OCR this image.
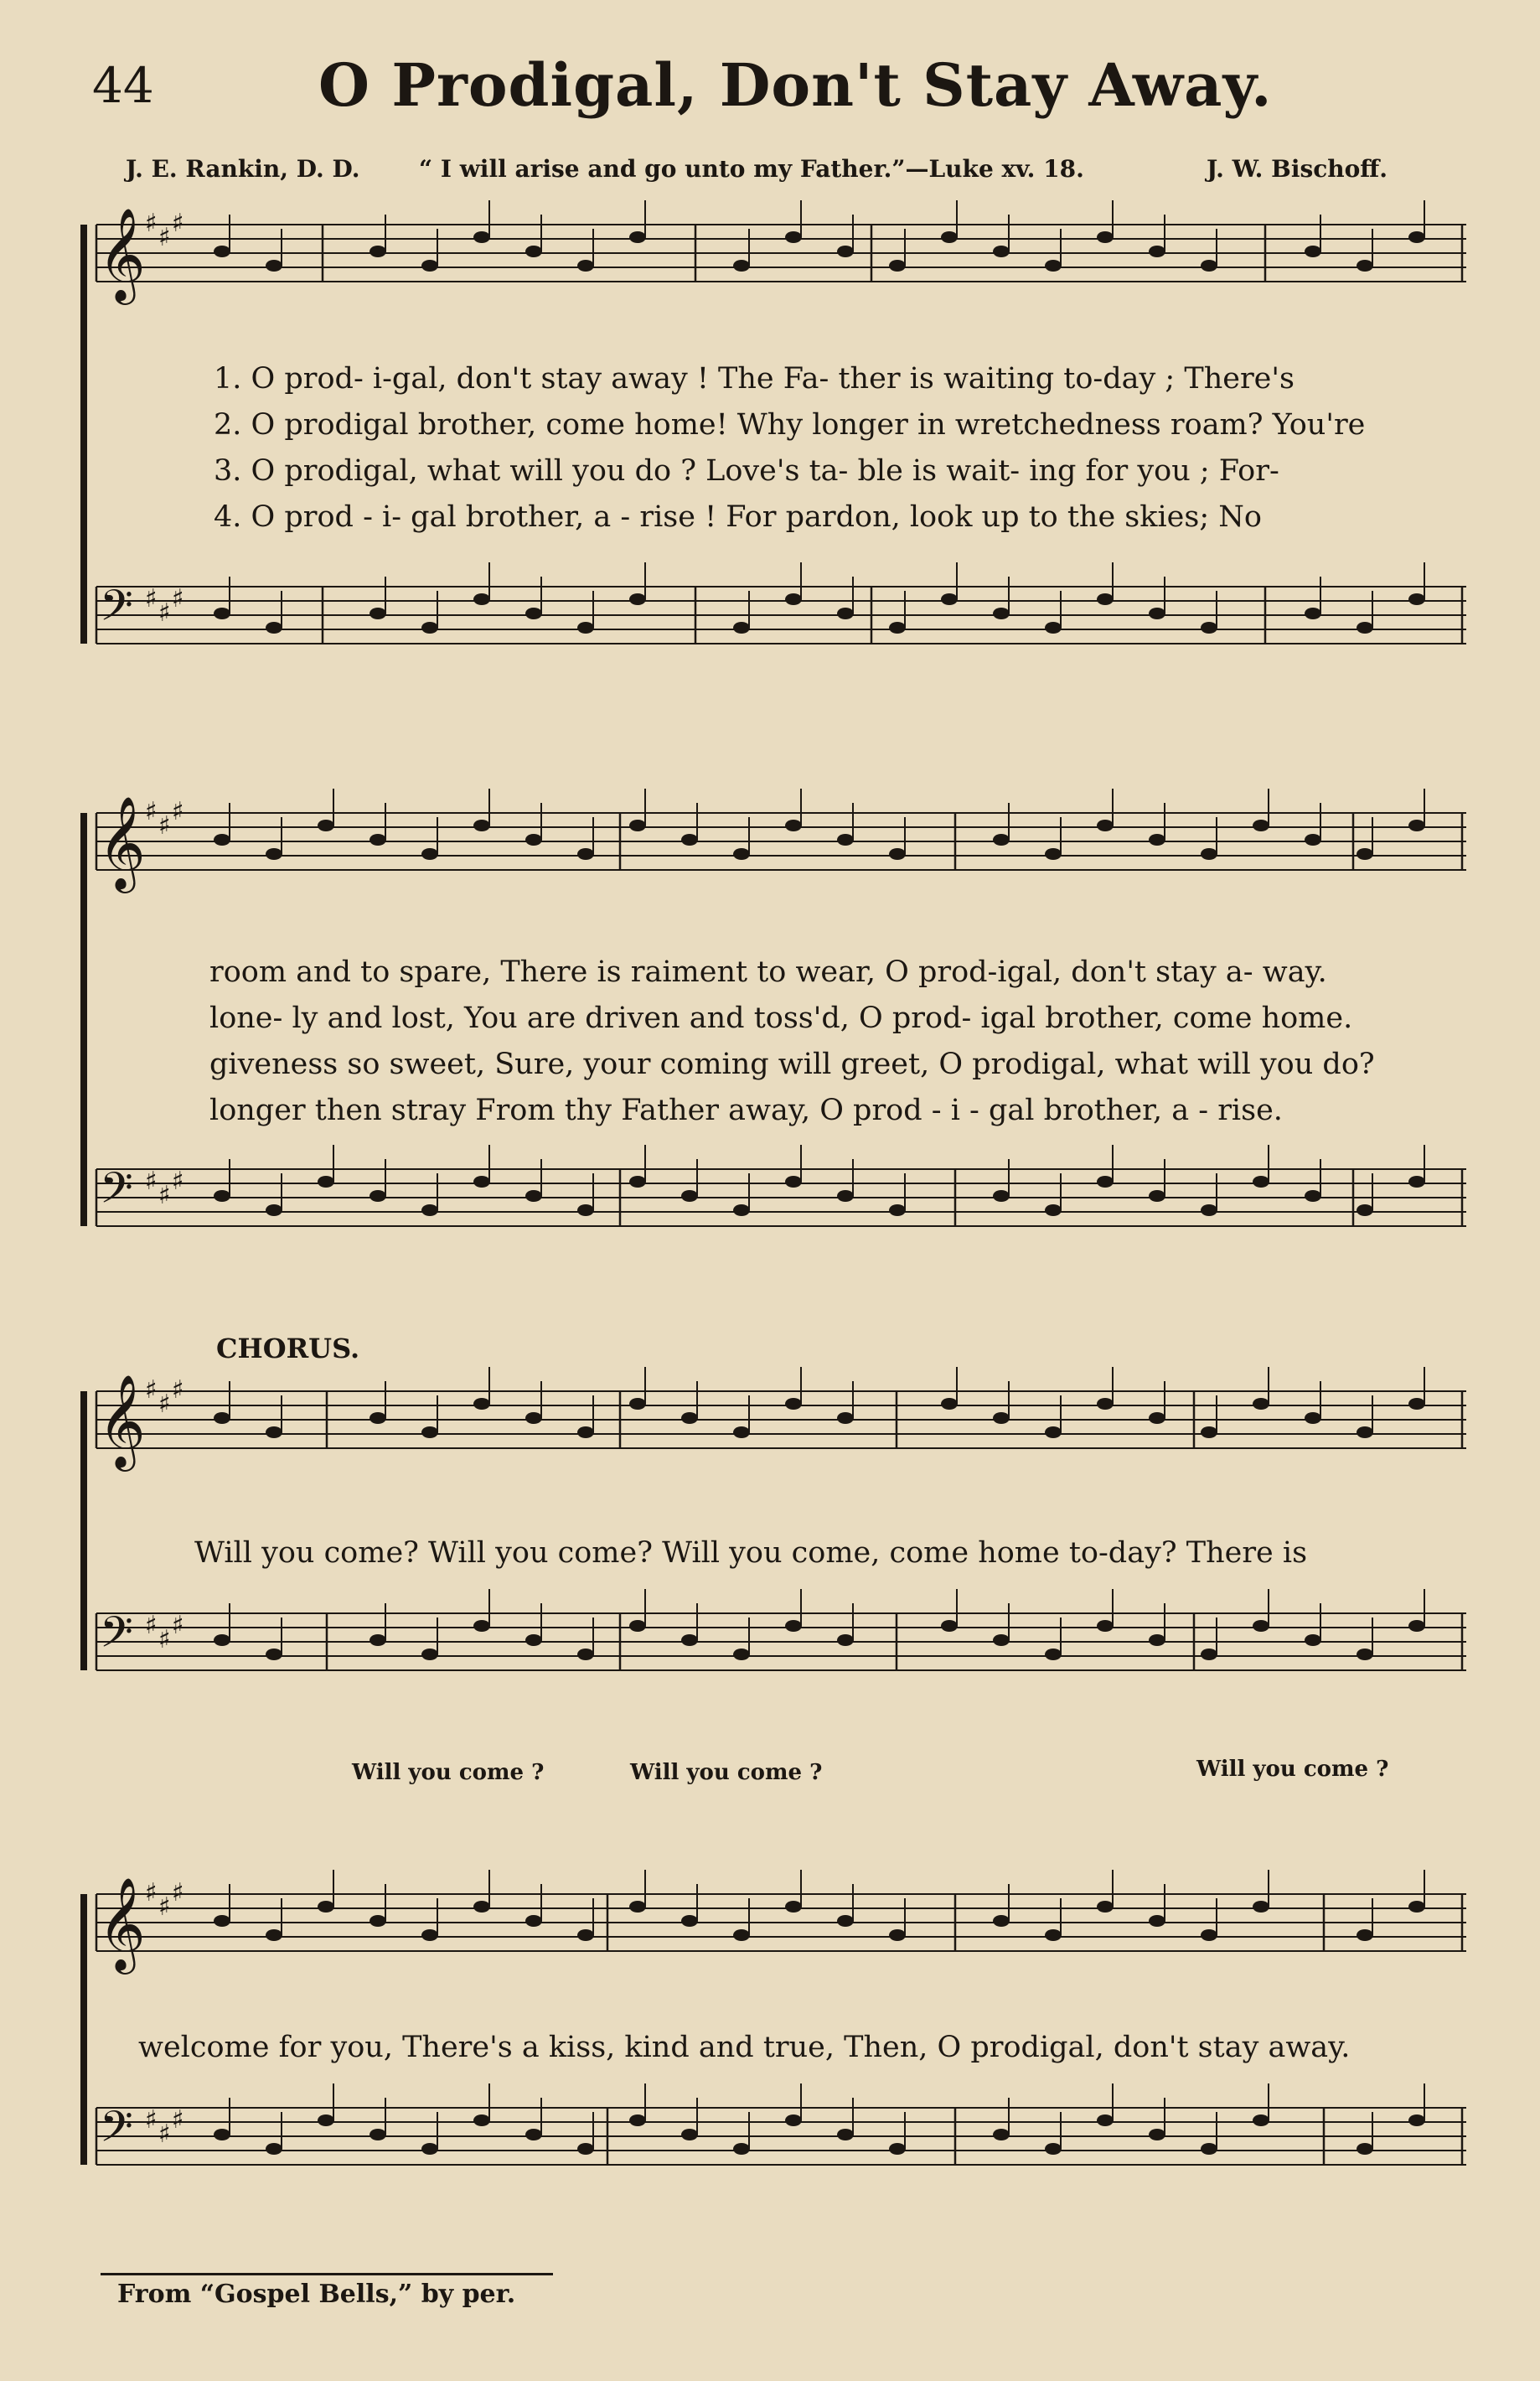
44	O Prodigal, Don't Stay Away.
J. E. Rankin, D. D.	“ I will arise and go unto my Father.”—Luke xv. 18.	J. W. Bischoff.
𝄞 ♯ ♯ ♯
𝄢 ♯ ♯ ♯
𝄞 ♯ ♯ ♯
𝄢 ♯ ♯ ♯
𝄞 ♯ ♯ ♯
𝄢 ♯ ♯ ♯
𝄞 ♯ ♯ ♯
𝄢 ♯ ♯ ♯
1. O prod- i-gal, don't stay away ! The Fa- ther is waiting to-day ; There's
2. O prodigal brother, come home! Why longer in wretchedness roam? You're
3. O prodigal, what will you do ? Love's ta- ble is wait- ing for you ; For-
4. O prod - i- gal brother, a - rise ! For pardon, look up to the skies; No
room and to spare, There is raiment to wear, O prod-igal, don't stay a- way.
lone- ly and lost, You are driven and toss'd, O prod- igal brother, come home.
giveness so sweet, Sure, your coming will greet, O prodigal, what will you do?
longer then stray From thy Father away, O prod - i - gal brother, a - rise.
CHORUS.
Will you come? Will you come? Will you come, come home to-day? There is
Will you come ?	Will you come ?	Will you come ?
welcome for you, There's a kiss, kind and true, Then, O prodigal, don't stay away.
From “Gospel Bells,” by per.
